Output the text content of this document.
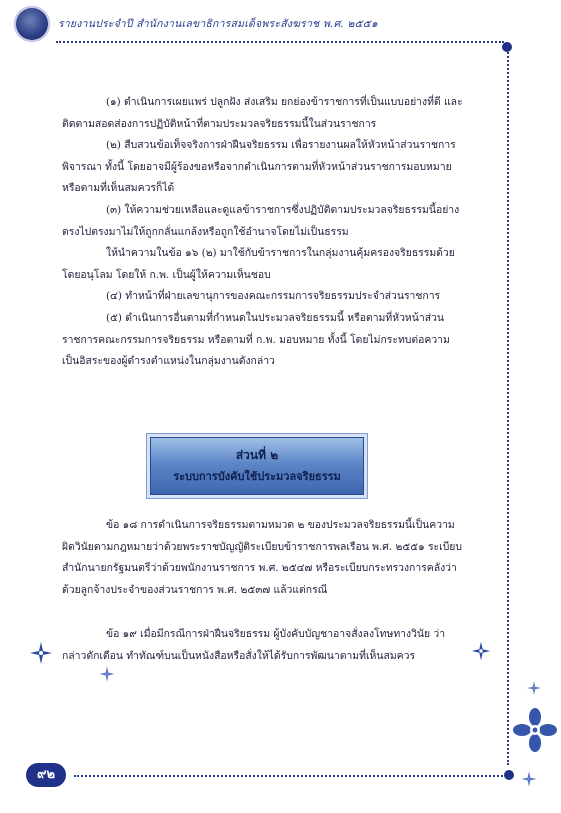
รายงานประจำปี สำนักงานเลขาธิการสมเด็จพระสังฆราช พ.ศ. ๒๕๕๑

(๑) ดำเนินการเผยแพร่ ปลูกฝัง ส่งเสริม ยกย่องข้าราชการที่เป็นแบบอย่างที่ดี และติดตามสอดส่องการปฏิบัติหน้าที่ตามประมวลจริยธรรมนี้ในส่วนราชการ

(๒) สืบสวนข้อเท็จจริงการฝ่าฝืนจริยธรรม เพื่อรายงานผลให้หัวหน้าส่วนราชการพิจารณา ทั้งนี้ โดยอาจมีผู้ร้องขอหรือจากดำเนินการตามที่หัวหน้าส่วนราชการมอบหมาย หรือตามที่เห็นสมควรก็ได้

(๓) ให้ความช่วยเหลือและดูแลข้าราชการซึ่งปฏิบัติตามประมวลจริยธรรมนี้อย่างตรงไปตรงมาไม่ให้ถูกกลั่นแกล้งหรือถูกใช้อำนาจโดยไม่เป็นธรรม

ให้นำความในข้อ ๑๖ (๒) มาใช้กับข้าราชการในกลุ่มงานคุ้มครองจริยธรรมด้วย โดยอนุโลม โดยให้ ก.พ. เป็นผู้ให้ความเห็นชอบ

(๔) ทำหน้าที่ฝ่ายเลขานุการของคณะกรรมการจริยธรรมประจำส่วนราชการ

(๕) ดำเนินการอื่นตามที่กำหนดในประมวลจริยธรรมนี้ หรือตามที่หัวหน้าส่วนราชการคณะกรรมการจริยธรรม หรือตามที่ ก.พ. มอบหมาย ทั้งนี้ โดยไม่กระทบต่อความเป็นอิสระของผู้ดำรงตำแหน่งในกลุ่มงานดังกล่าว

ส่วนที่ ๒
ระบบการบังคับใช้ประมวลจริยธรรม

ข้อ ๑๘ การดำเนินการจริยธรรมตามหมวด ๒ ของประมวลจริยธรรมนี้เป็นความผิดวินัยตามกฎหมายว่าด้วยพระราชบัญญัติระเบียบข้าราชการพลเรือน พ.ศ. ๒๕๕๑ ระเบียบสำนักนายกรัฐมนตรีว่าด้วยพนักงานราชการ พ.ศ. ๒๕๔๗ หรือระเบียบกระทรวงการคลังว่าด้วยลูกจ้างประจำของส่วนราชการ พ.ศ. ๒๕๓๗ แล้วแต่กรณี

ข้อ ๑๙ เมื่อมีกรณีการฝ่าฝืนจริยธรรม ผู้บังคับบัญชาอาจสั่งลงโทษทางวินัย ว่ากล่าวตักเตือน ทำทัณฑ์บนเป็นหนังสือหรือสั่งให้ได้รับการพัฒนาตามที่เห็นสมควร

๙๒
